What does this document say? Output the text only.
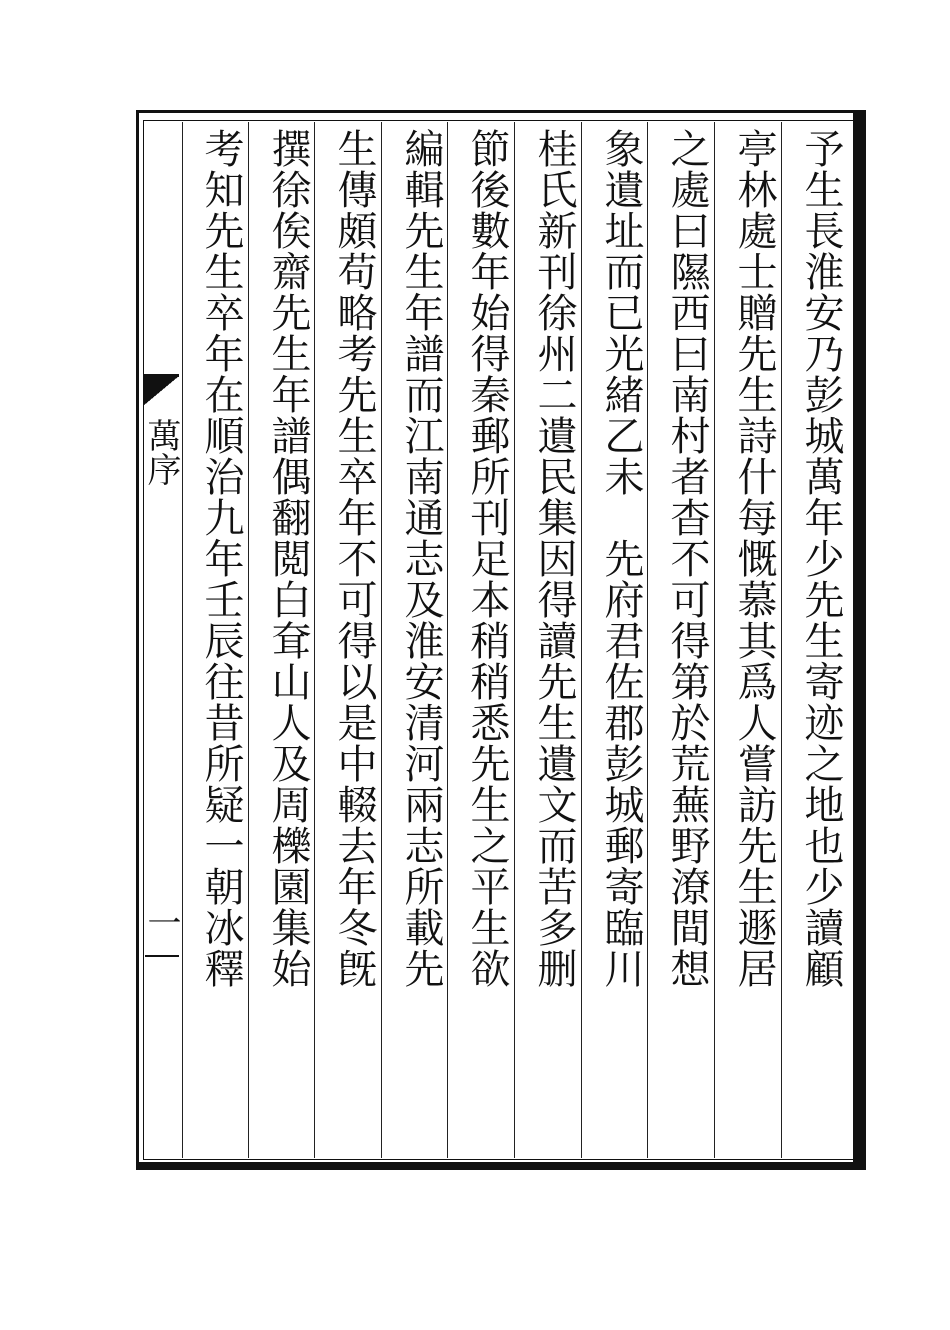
萬序
一	予生長淮安乃彭城萬年少先生寄迹之地也少讀顧
亭林處士贈先生詩什每慨慕其爲人嘗訪先生遯居
之處曰隰西曰南村者杳不可得第於荒蕪野潦間想
象遺址而已光緒乙未　先府君佐郡彭城郵寄臨川
桂氏新刊徐州二遺民集因得讀先生遺文而苦多删
節後數年始得秦郵所刊足本稍稍悉先生之平生欲
編輯先生年譜而江南通志及淮安清河兩志所載先
生傳頗苟略考先生卒年不可得以是中輟去年冬旣
撰徐俟齋先生年譜偶翻閲白耷山人及周櫟園集始
考知先生卒年在順治九年壬辰往昔所疑一朝冰釋
